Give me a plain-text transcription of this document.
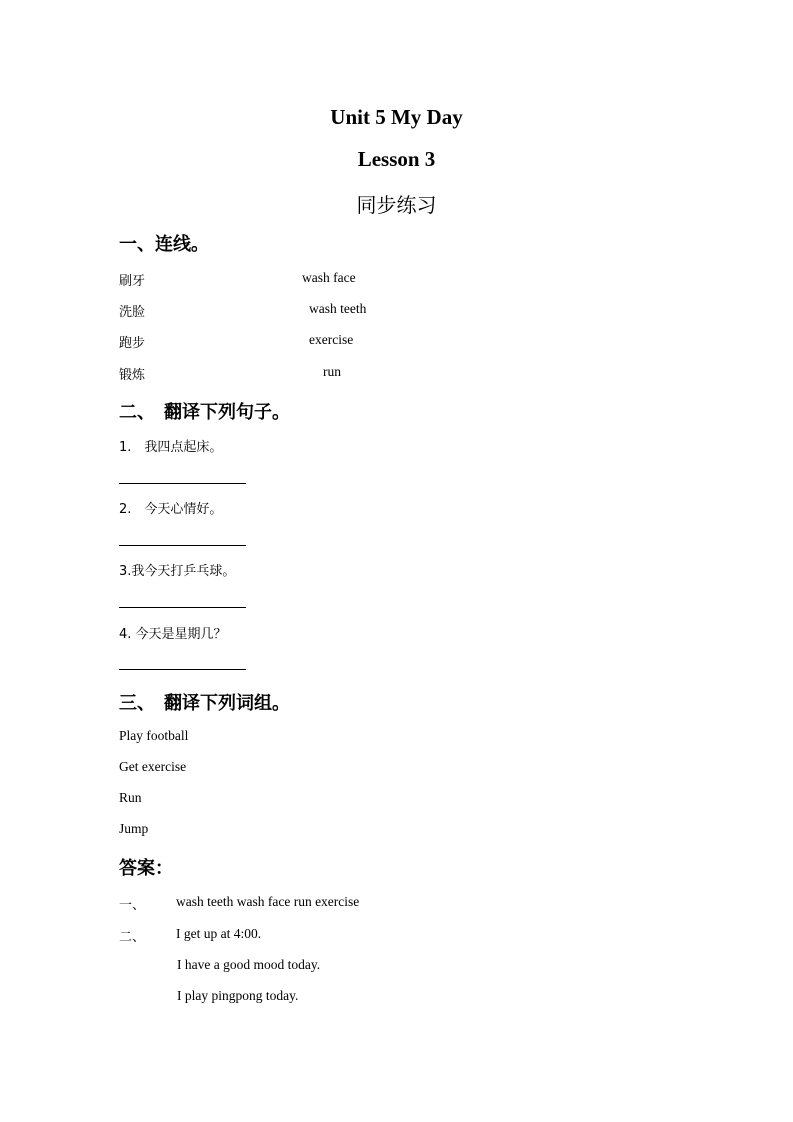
Unit 5 My Day
Lesson 3
同步练习
一、连线。
刷牙
洗脸
跑步
锻炼
wash face
wash teeth
exercise
run
二、　翻译下列句子。
1.　我四点起床。
2.　今天心情好。
3.我今天打乒乓球。
4. 今天是星期几？
三、　翻译下列词组。
Play football
Get exercise
Run
Jump
答案：
一、 wash teeth wash face run exercise
二、 I get up at 4:00.
I have a good mood today.
I play pingpong today.
